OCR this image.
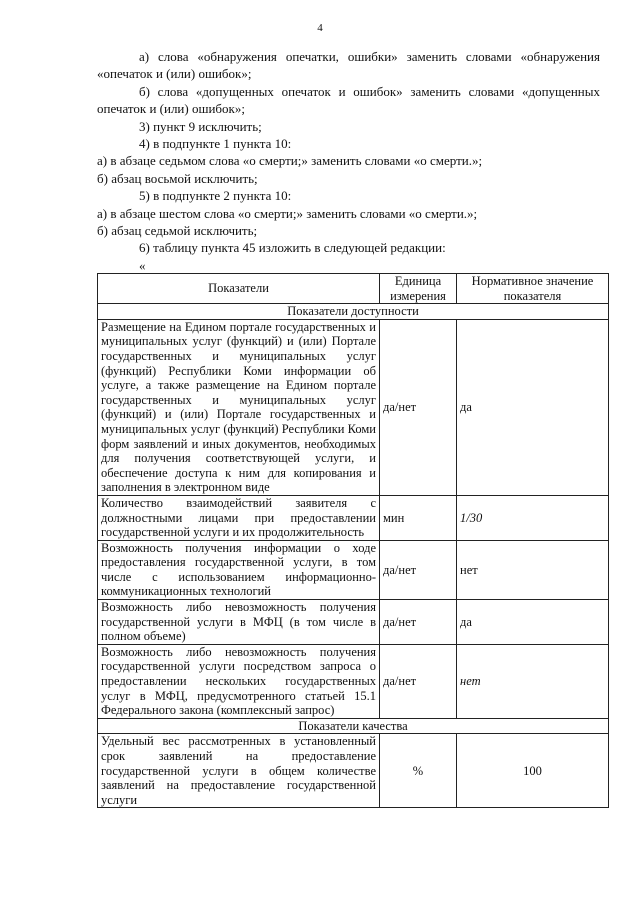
4

а) слова «обнаружения опечатки, ошибки» заменить словами «обнаружения «опечаток и (или) ошибок»;

б) слова «допущенных опечаток и ошибок» заменить словами «допущенных опечаток и (или) ошибок»;

3) пункт 9 исключить;

4) в подпункте 1 пункта 10:

а) в абзаце седьмом слова «о смерти;» заменить словами «о смерти.»;

б) абзац восьмой исключить;

5) в подпункте 2 пункта 10:

а) в абзаце шестом слова «о смерти;» заменить словами «о смерти.»;

б) абзац седьмой исключить;

6) таблицу пункта 45 изложить в следующей редакции:

«

Показатели	Единица измерения	Нормативное значение показателя
Показатели доступности		

Размещение на Едином портале государственных и муниципальных услуг (функций) и (или) Портале государственных и муниципальных услуг (функций) Республики Коми информации об услуге, а также размещение на Едином портале государственных и муниципальных услуг (функций) и (или) Портале государственных и муниципальных услуг (функций) Республики Коми форм заявлений и иных документов, необходимых для получения соответствующей услуги, и обеспечение доступа к ним для копирования и заполнения в электронном виде	да/нет	да

Количество взаимодействий заявителя с должностными лицами при предоставлении государственной услуги и их продолжительность	мин	1/30

Возможность получения информации о ходе предоставления государственной услуги, в том числе с использованием информационно-коммуникационных технологий	да/нет	нет

Возможность либо невозможность получения государственной услуги в МФЦ (в том числе в полном объеме)	да/нет	да

Возможность либо невозможность получения государственной услуги посредством запроса о предоставлении нескольких государственных услуг в МФЦ, предусмотренного статьей 15.1 Федерального закона (комплексный запрос)	да/нет	нет
Показатели качества		

Удельный вес рассмотренных в установленный срок заявлений на предоставление государственной услуги в общем количестве заявлений на предоставление государственной услуги	%	100
